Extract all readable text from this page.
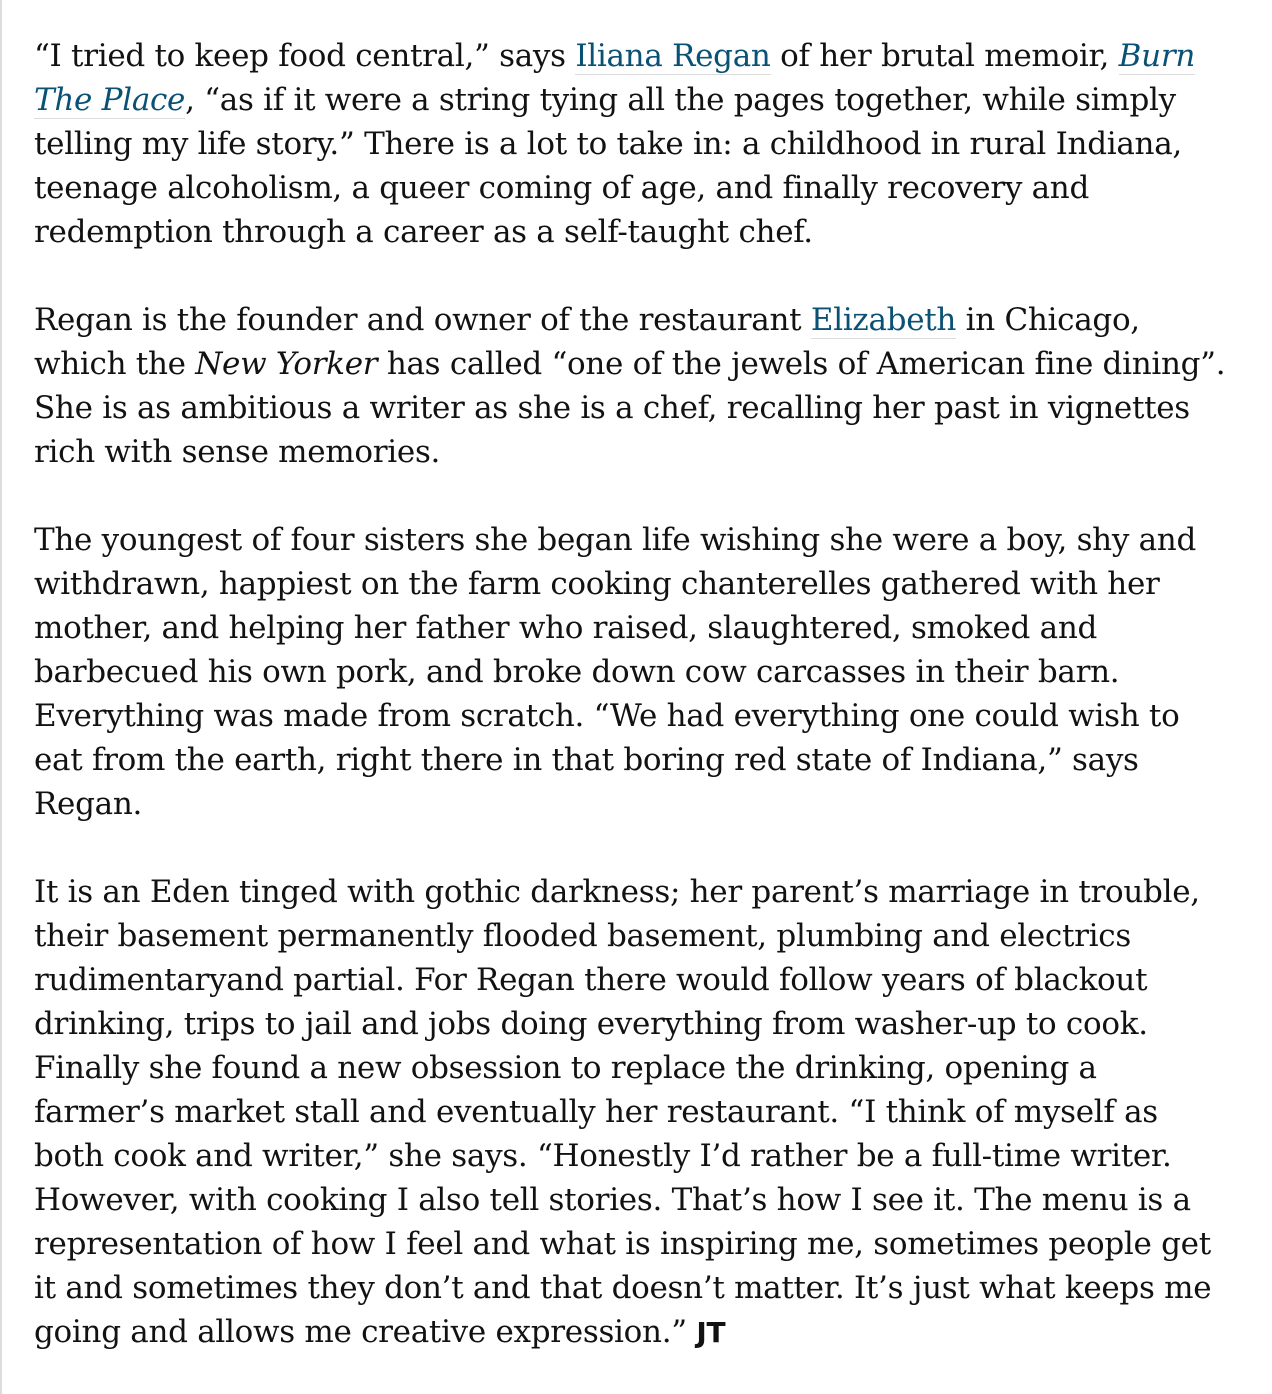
“I tried to keep food central,” says Iliana Regan of her brutal memoir, Burn The Place, “as if it were a string tying all the pages together, while simply telling my life story.” There is a lot to take in: a childhood in rural Indiana, teenage alcoholism, a queer coming of age, and finally recovery and redemption through a career as a self-taught chef.

Regan is the founder and owner of the restaurant Elizabeth in Chicago, which the New Yorker has called “one of the jewels of American fine dining”. She is as ambitious a writer as she is a chef, recalling her past in vignettes rich with sense memories.

The youngest of four sisters she began life wishing she were a boy, shy and withdrawn, happiest on the farm cooking chanterelles gathered with her mother, and helping her father who raised, slaughtered, smoked and barbecued his own pork, and broke down cow carcasses in their barn. Everything was made from scratch. “We had everything one could wish to eat from the earth, right there in that boring red state of Indiana,” says Regan.

It is an Eden tinged with gothic darkness; her parent’s marriage in trouble, their basement permanently flooded basement, plumbing and electrics rudimentaryand partial. For Regan there would follow years of blackout drinking, trips to jail and jobs doing everything from washer-up to cook. Finally she found a new obsession to replace the drinking, opening a farmer’s market stall and eventually her restaurant. “I think of myself as both cook and writer,” she says. “Honestly I’d rather be a full-time writer. However, with cooking I also tell stories. That’s how I see it. The menu is a representation of how I feel and what is inspiring me, sometimes people get it and sometimes they don’t and that doesn’t matter. It’s just what keeps me going and allows me creative expression.” JT
